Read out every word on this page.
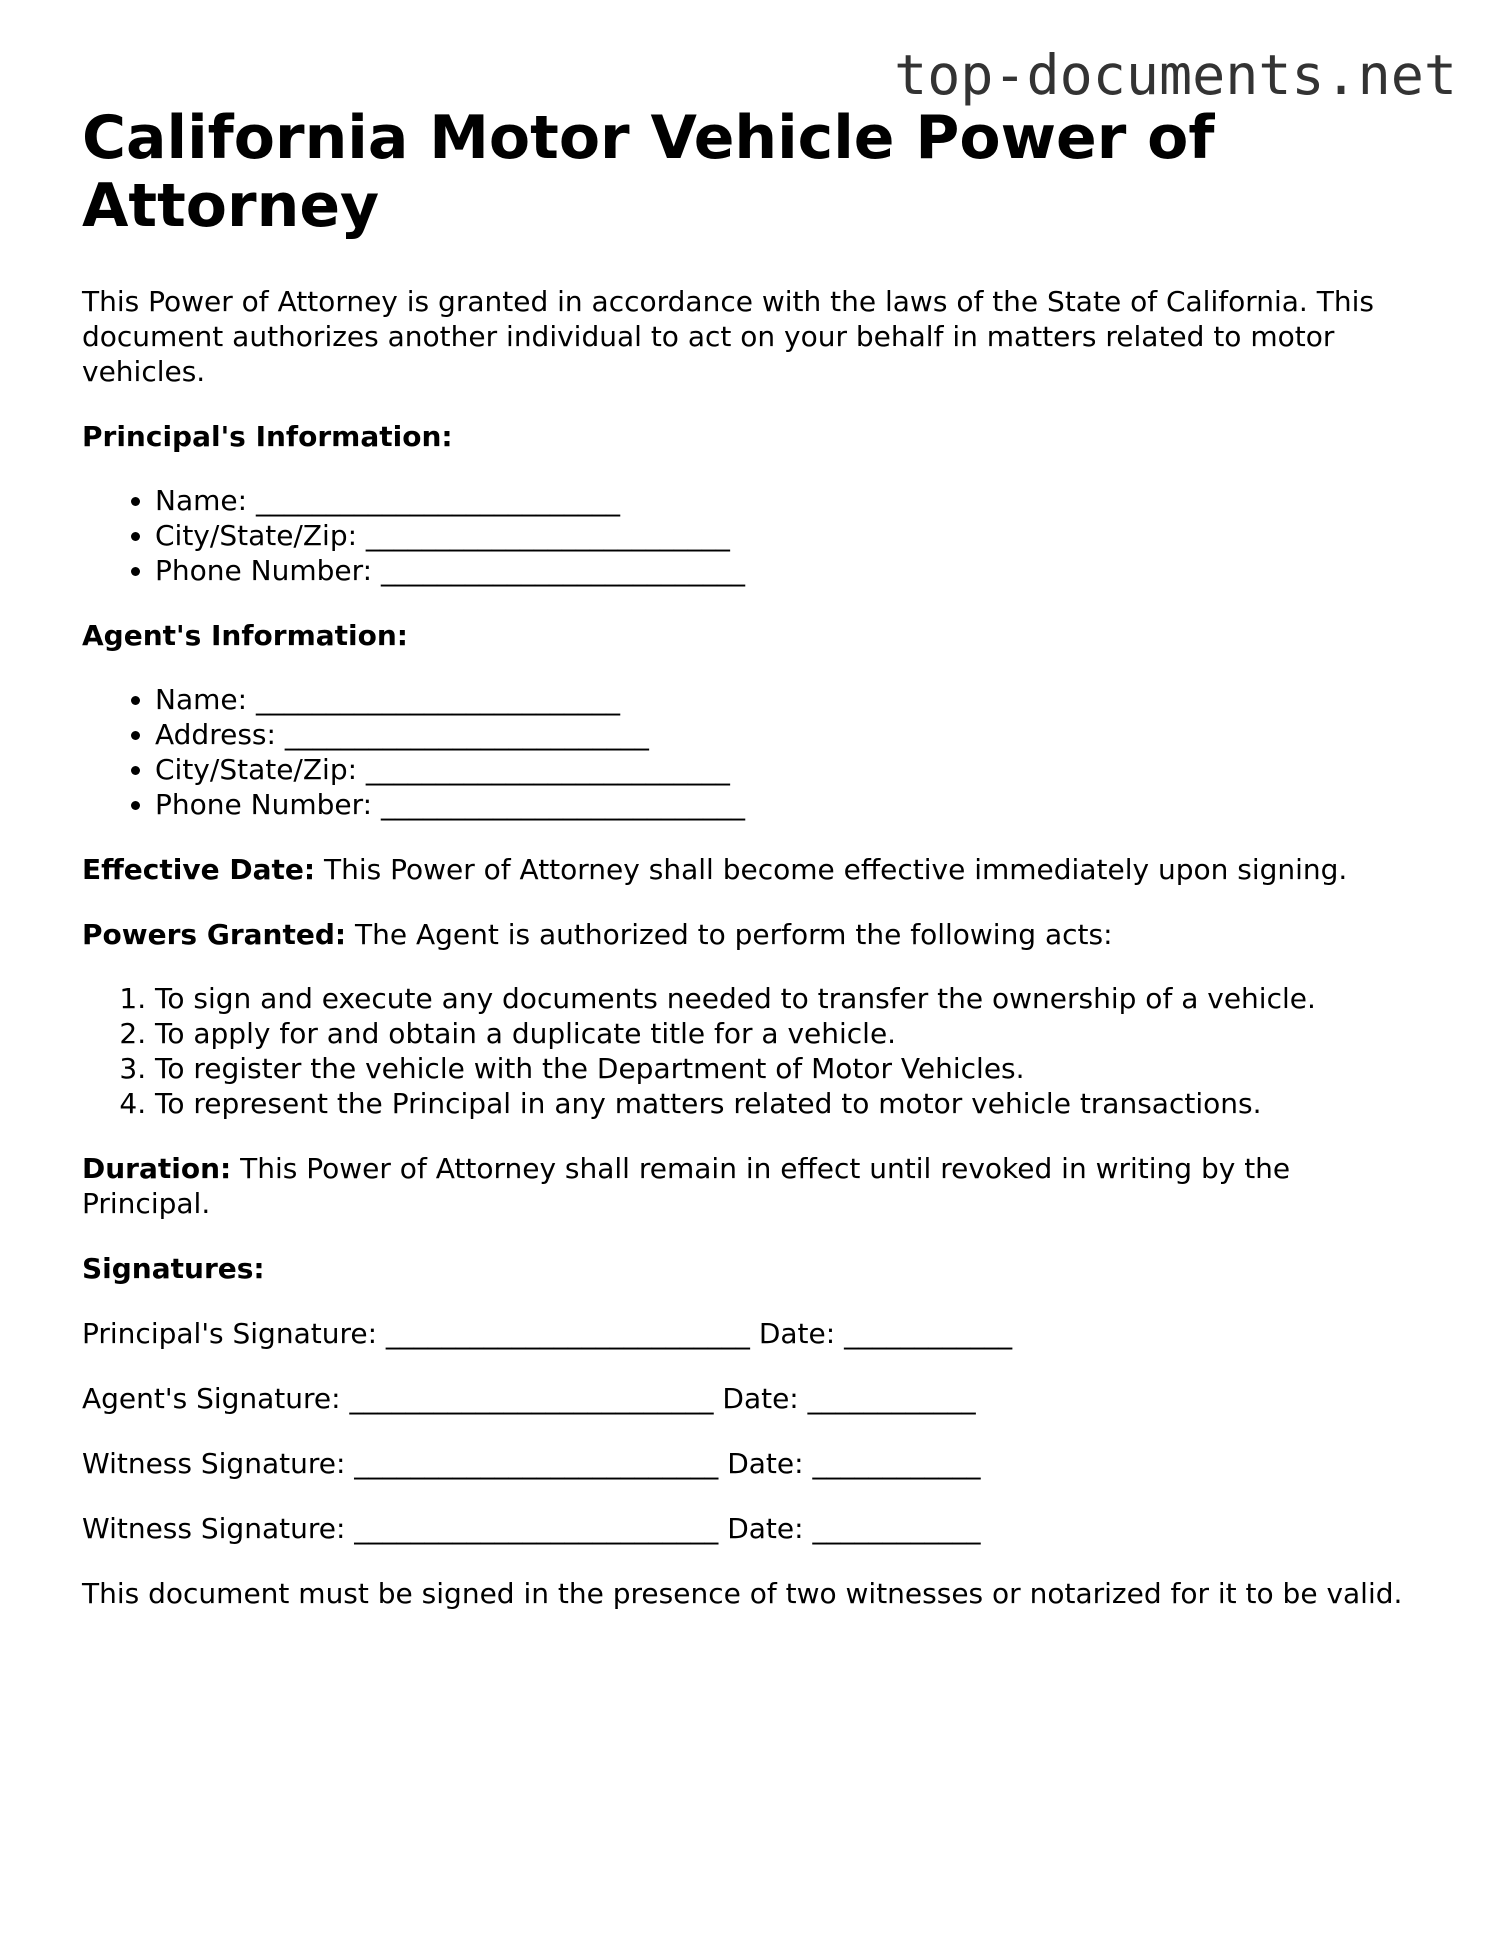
top-documents.net
California Motor Vehicle Power of Attorney

This Power of Attorney is granted in accordance with the laws of the State of California. This document authorizes another individual to act on your behalf in matters related to motor vehicles.

Principal's Information:

• Name: __________________________
• City/State/Zip: __________________________
• Phone Number: __________________________

Agent's Information:

• Name: __________________________
• Address: __________________________
• City/State/Zip: __________________________
• Phone Number: __________________________

Effective Date: This Power of Attorney shall become effective immediately upon signing.

Powers Granted: The Agent is authorized to perform the following acts:

1. To sign and execute any documents needed to transfer the ownership of a vehicle.
2. To apply for and obtain a duplicate title for a vehicle.
3. To register the vehicle with the Department of Motor Vehicles.
4. To represent the Principal in any matters related to motor vehicle transactions.

Duration: This Power of Attorney shall remain in effect until revoked in writing by the Principal.

Signatures:

Principal's Signature: __________________________ Date: ____________

Agent's Signature: __________________________ Date: ____________

Witness Signature: __________________________ Date: ____________

Witness Signature: __________________________ Date: ____________

This document must be signed in the presence of two witnesses or notarized for it to be valid.
